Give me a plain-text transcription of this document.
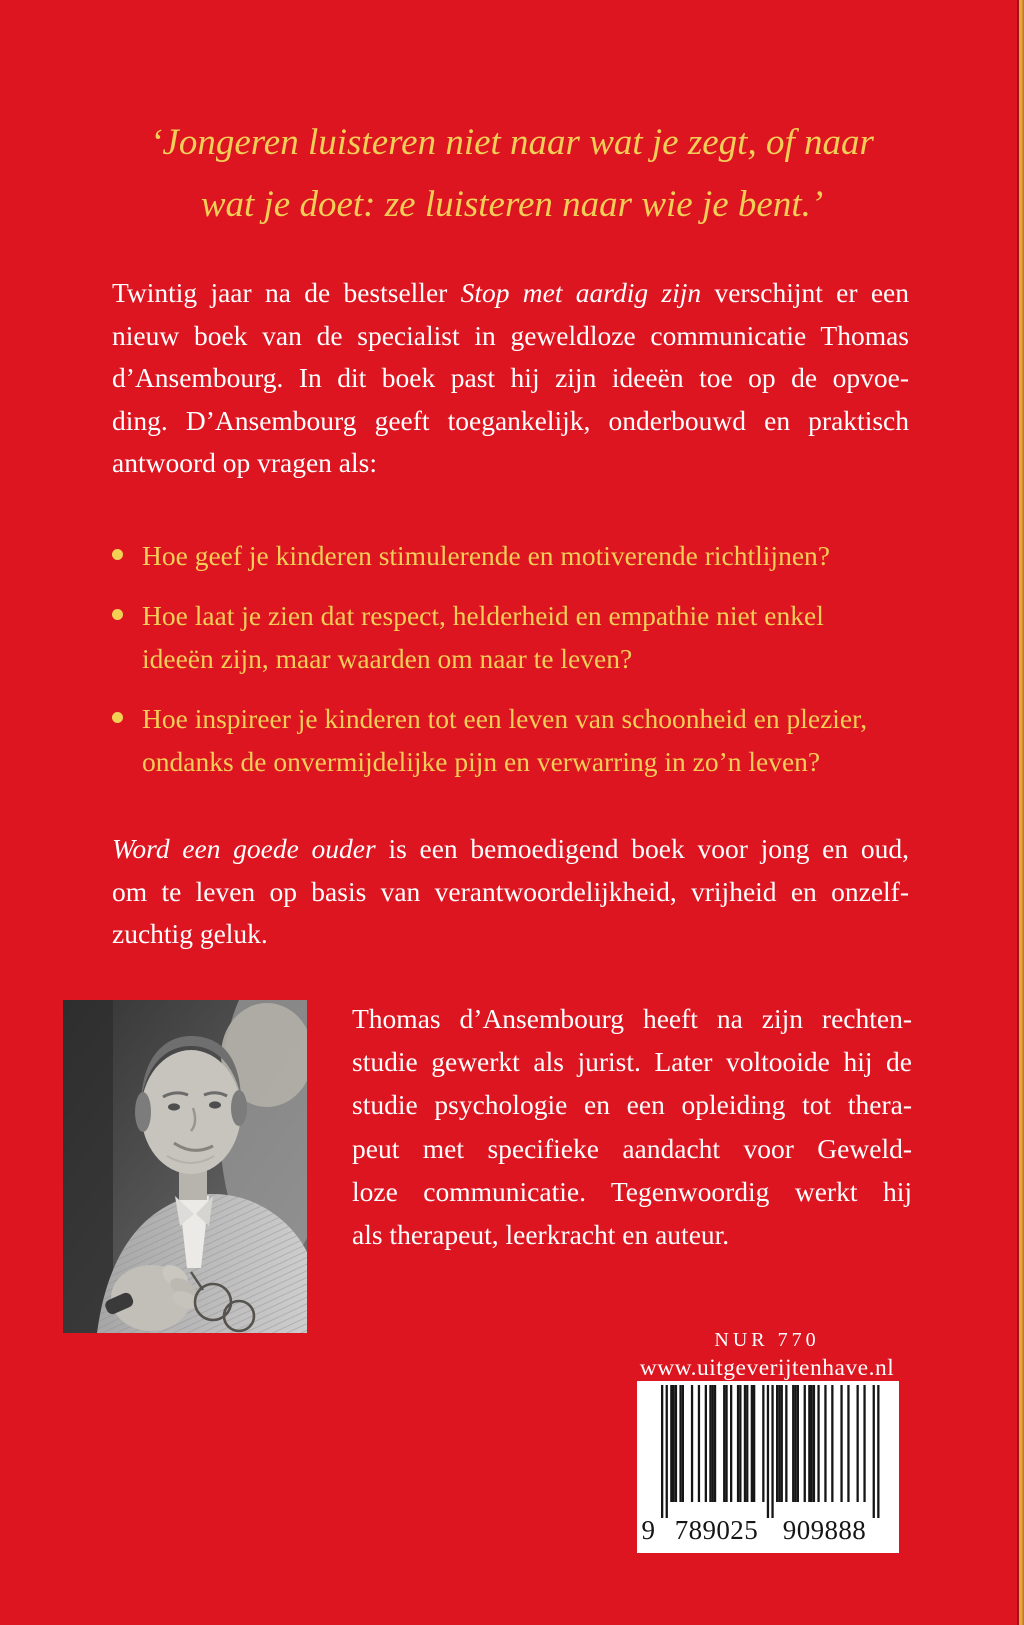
‘Jongeren luisteren niet naar wat je zegt, of naar
wat je doet: ze luisteren naar wie je bent.’
Twintig jaar na de bestseller Stop met aardig zijn verschijnt er een
nieuw boek van de specialist in geweldloze communicatie Thomas
d’Ansembourg. In dit boek past hij zijn ideeën toe op de opvoe-
ding. D’Ansembourg geeft toegankelijk, onderbouwd en praktisch
antwoord op vragen als:
Hoe geef je kinderen stimulerende en motiverende richtlijnen?
Hoe laat je zien dat respect, helderheid en empathie niet enkel
ideeën zijn, maar waarden om naar te leven?
Hoe inspireer je kinderen tot een leven van schoonheid en plezier,
ondanks de onvermijdelijke pijn en verwarring in zo’n leven?
Word een goede ouder is een bemoedigend boek voor jong en oud,
om te leven op basis van verantwoordelijkheid, vrijheid en onzelf-
zuchtig geluk.
Thomas d’Ansembourg heeft na zijn rechten-
studie gewerkt als jurist. Later voltooide hij de
studie psychologie en een opleiding tot thera-
peut met specifieke aandacht voor Geweld-
loze communicatie. Tegenwoordig werkt hij
als therapeut, leerkracht en auteur.
NUR 770
www.uitgeverijtenhave.nl
9 789025 909888
